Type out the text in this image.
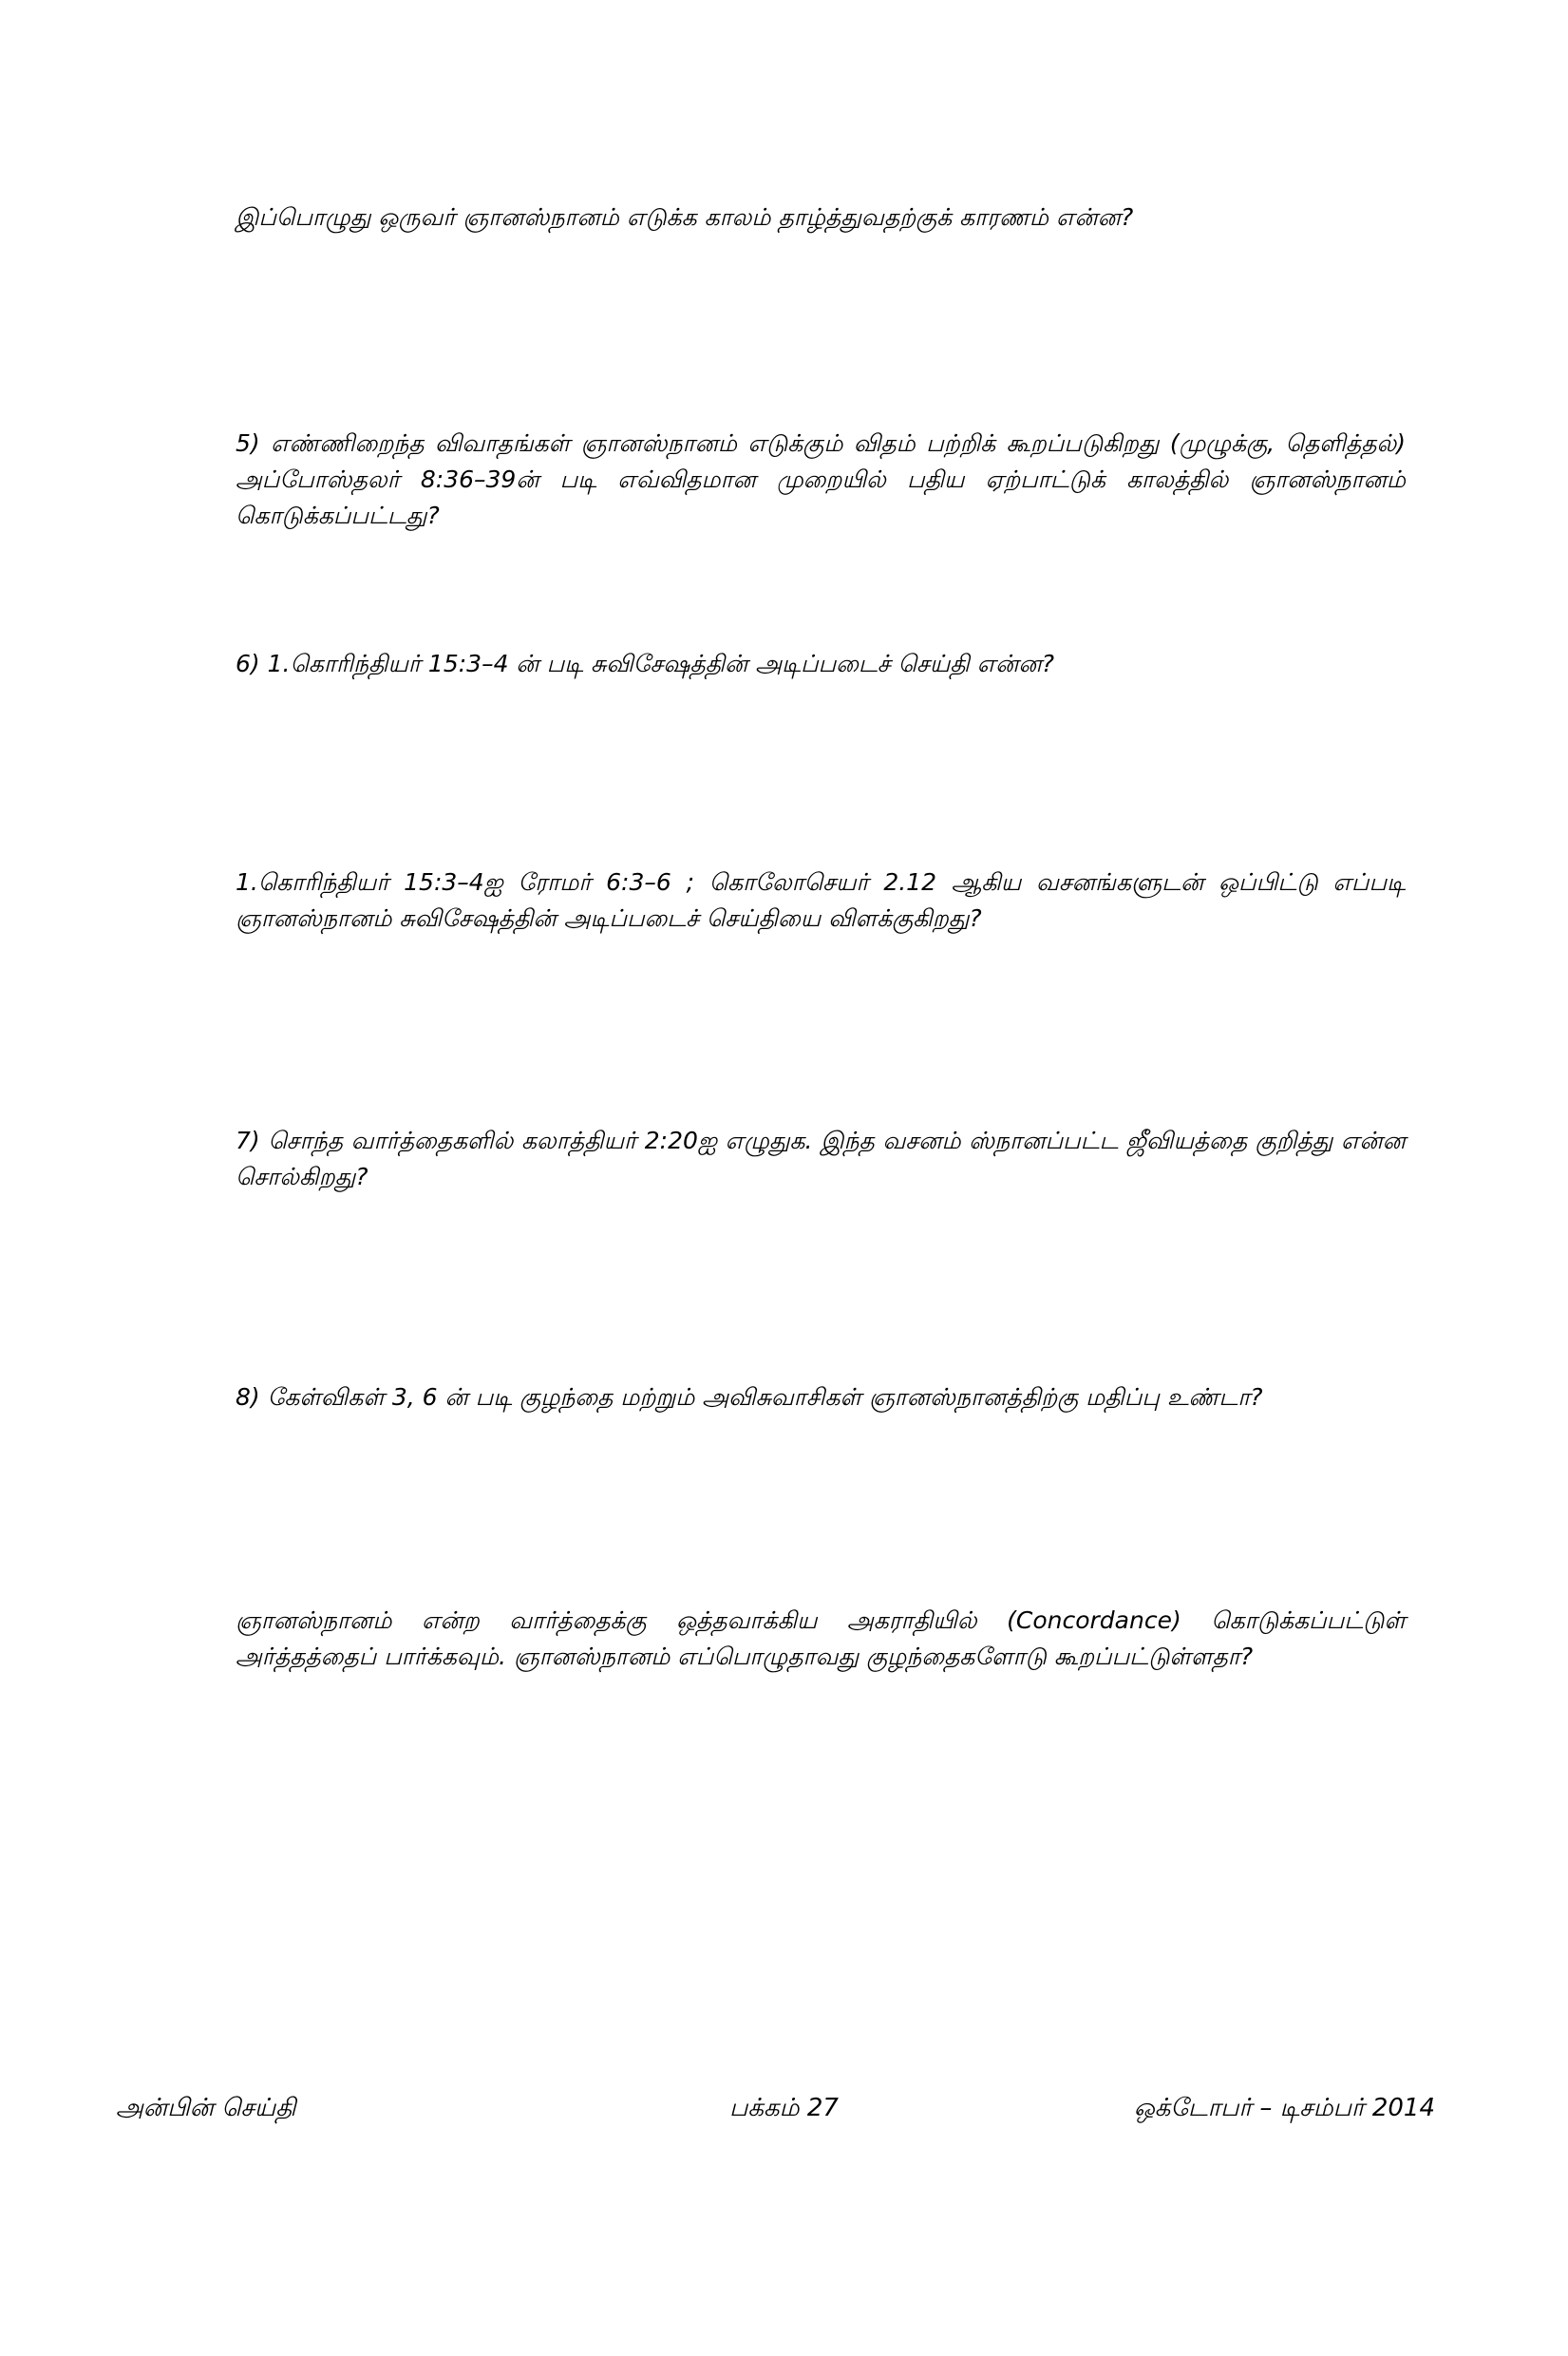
இப்பொழுது ஒருவர் ஞானஸ்நானம் எடுக்க காலம் தாழ்த்துவதற்குக் காரணம் என்ன?

5) எண்ணிறைந்த விவாதங்கள் ஞானஸ்நானம் எடுக்கும் விதம் பற்றிக் கூறப்படுகிறது (முழுக்கு, தெளித்தல்) அப்போஸ்தலர் 8:36–39ன் படி எவ்விதமான முறையில் பதிய ஏற்பாட்டுக் காலத்தில் ஞானஸ்நானம் கொடுக்கப்பட்டது?

6) 1.கொரிந்தியர் 15:3–4 ன் படி சுவிசேஷத்தின் அடிப்படைச் செய்தி என்ன?

1.கொரிந்தியர் 15:3–4ஐ ரோமர் 6:3–6 ; கொலோசெயர் 2.12 ஆகிய வசனங்களுடன் ஒப்பிட்டு எப்படி ஞானஸ்நானம் சுவிசேஷத்தின் அடிப்படைச் செய்தியை விளக்குகிறது?

7) சொந்த வார்த்தைகளில் கலாத்தியர் 2:20ஐ எழுதுக. இந்த வசனம் ஸ்நானப்பட்ட ஜீவியத்தை குறித்து என்ன சொல்கிறது?

8) கேள்விகள் 3, 6 ன் படி குழந்தை மற்றும் அவிசுவாசிகள் ஞானஸ்நானத்திற்கு மதிப்பு உண்டா?

ஞானஸ்நானம் என்ற வார்த்தைக்கு ஒத்தவாக்கிய அகராதியில் (Concordance) கொடுக்கப்பட்டுள் அர்த்தத்தைப் பார்க்கவும். ஞானஸ்நானம் எப்பொழுதாவது குழந்தைகளோடு கூறப்பட்டுள்ளதா?

அன்பின் செய்தி	பக்கம் 27	ஒக்டோபர் – டிசம்பர் 2014
